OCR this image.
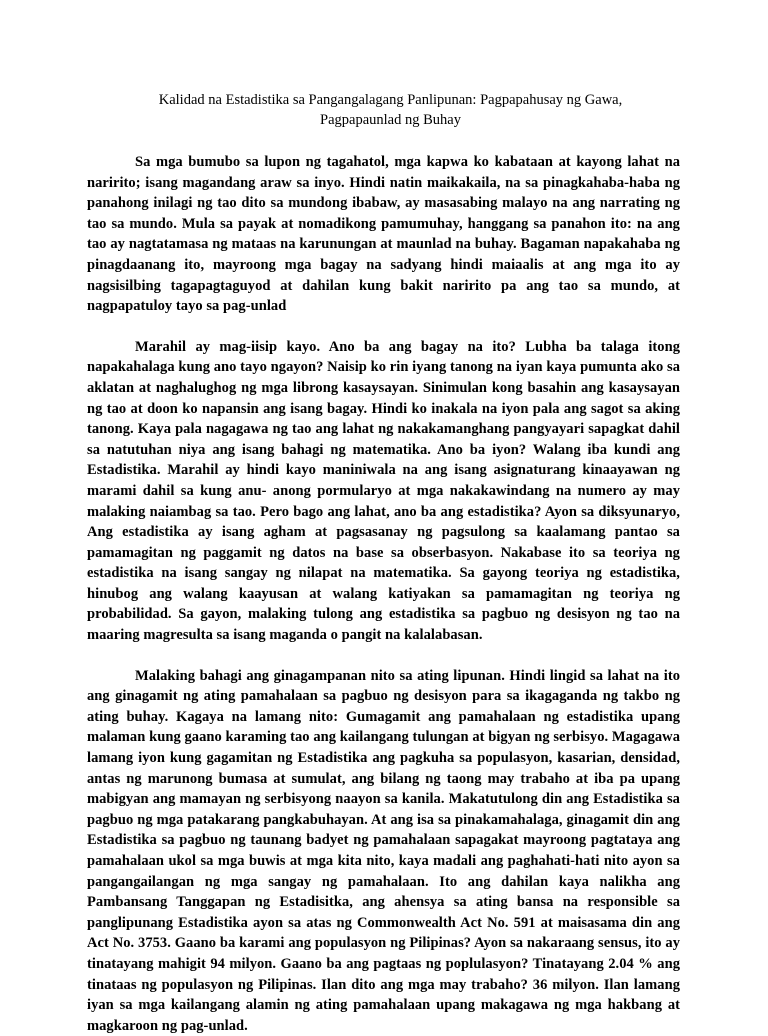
Kalidad na Estadistika sa Pangangalagang Panlipunan: Pagpapahusay ng Gawa,
Pagpapaunlad ng Buhay

Sa mga bumubo sa lupon ng tagahatol, mga kapwa ko kabataan at kayong lahat na naririto; isang magandang araw sa inyo. Hindi natin maikakaila, na sa pinagkahaba-haba ng panahong inilagi ng tao dito sa mundong ibabaw, ay masasabing malayo na ang narrating ng tao sa mundo. Mula sa payak at nomadikong pamumuhay, hanggang sa panahon ito: na ang tao ay nagtatamasa ng mataas na karunungan at maunlad na buhay. Bagaman napakahaba ng pinagdaanang ito, mayroong mga bagay na sadyang hindi maiaalis at ang mga ito ay nagsisilbing tagapagtaguyod at dahilan kung bakit naririto pa ang tao sa mundo, at nagpapatuloy tayo sa pag-unlad

Marahil ay mag-iisip kayo. Ano ba ang bagay na ito? Lubha ba talaga itong napakahalaga kung ano tayo ngayon? Naisip ko rin iyang tanong na iyan kaya pumunta ako sa aklatan at naghalughog ng mga librong kasaysayan. Sinimulan kong basahin ang kasaysayan ng tao at doon ko napansin ang isang bagay. Hindi ko inakala na iyon pala ang sagot sa aking tanong. Kaya pala nagagawa ng tao ang lahat ng nakakamanghang pangyayari sapagkat dahil sa natutuhan niya ang isang bahagi ng matematika. Ano ba iyon? Walang iba kundi ang Estadistika. Marahil ay hindi kayo maniniwala na ang isang asignaturang kinaayawan ng marami dahil sa kung anu- anong pormularyo at mga nakakawindang na numero ay may malaking naiambag sa tao. Pero bago ang lahat, ano ba ang estadistika? Ayon sa diksyunaryo, Ang estadistika ay isang agham at pagsasanay ng pagsulong sa kaalamang pantao sa pamamagitan ng paggamit ng datos na base sa obserbasyon. Nakabase ito sa teoriya ng estadistika na isang sangay ng nilapat na matematika. Sa gayong teoriya ng estadistika, hinubog ang walang kaayusan at walang katiyakan sa pamamagitan ng teoriya ng probabilidad. Sa gayon, malaking tulong ang estadistika sa pagbuo ng desisyon ng tao na maaring magresulta sa isang maganda o pangit na kalalabasan.

Malaking bahagi ang ginagampanan nito sa ating lipunan. Hindi lingid sa lahat na ito ang ginagamit ng ating pamahalaan sa pagbuo ng desisyon para sa ikagaganda ng takbo ng ating buhay. Kagaya na lamang nito: Gumagamit ang pamahalaan ng estadistika upang malaman kung gaano karaming tao ang kailangang tulungan at bigyan ng serbisyo. Magagawa lamang iyon kung gagamitan ng Estadistika ang pagkuha sa populasyon, kasarian, densidad, antas ng marunong bumasa at sumulat, ang bilang ng taong may trabaho at iba pa upang mabigyan ang mamayan ng serbisyong naayon sa kanila. Makatutulong din ang Estadistika sa pagbuo ng mga patakarang pangkabuhayan. At ang isa sa pinakamahalaga, ginagamit din ang Estadistika sa pagbuo ng taunang badyet ng pamahalaan sapagakat mayroong pagtataya ang pamahalaan ukol sa mga buwis at mga kita nito, kaya madali ang paghahati-hati nito ayon sa pangangailangan ng mga sangay ng pamahalaan. Ito ang dahilan kaya nalikha ang Pambansang Tanggapan ng Estadisitka, ang ahensya sa ating bansa na responsible sa panglipunang Estadistika ayon sa atas ng Commonwealth Act No. 591 at maisasama din ang Act No. 3753. Gaano ba karami ang populasyon ng Pilipinas? Ayon sa nakaraang sensus, ito ay tinatayang mahigit 94 milyon. Gaano ba ang pagtaas ng poplulasyon? Tinatayang 2.04 % ang tinataas ng populasyon ng Pilipinas. Ilan dito ang mga may trabaho? 36 milyon. Ilan lamang iyan sa mga kailangang alamin ng ating pamahalaan upang makagawa ng mga hakbang at magkaroon ng pag-unlad.
